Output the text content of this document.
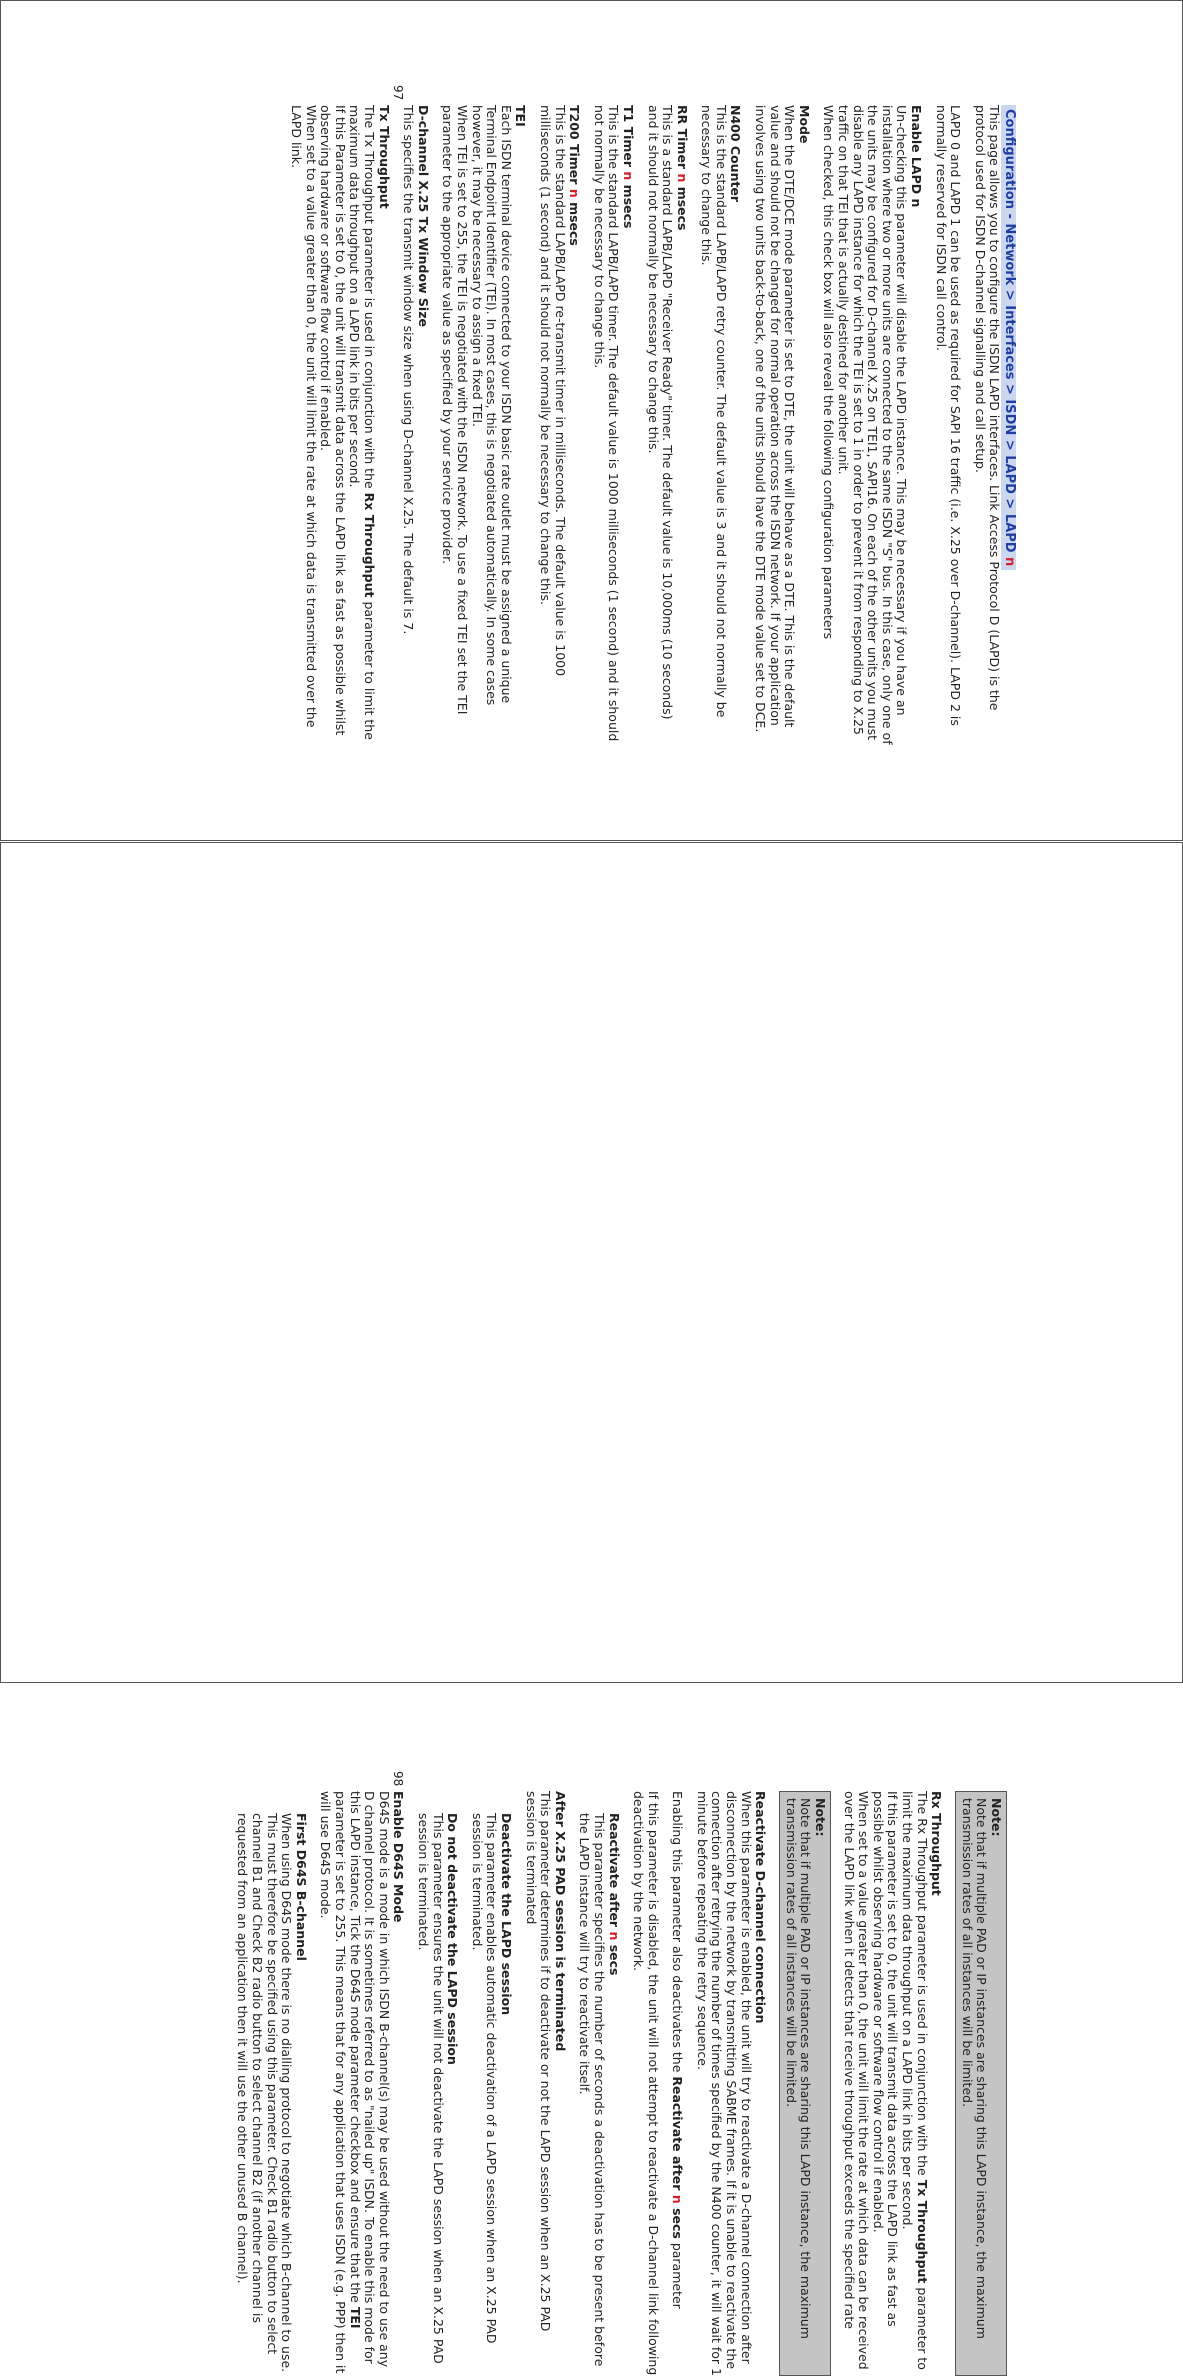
Configuration - Network > Interfaces > ISDN > LAPD > LAPD n
This page allows you to configure the ISDN LAPD interfaces. Link Access Protocol D (LAPD) is the protocol used for ISDN D-channel signalling and call setup.

LAPD 0 and LAPD 1 can be used as required for SAPI 16 traffic (i.e. X.25 over D-channel). LAPD 2 is normally reserved for ISDN call control.

Enable LAPD n
Un-checking this parameter will disable the LAPD instance. This may be necessary if you have an installation where two or more units are connected to the same ISDN "S" bus. In this case, only one of the units may be configured for D-channel X.25 on TEI1, SAPI16. On each of the other units you must disable any LAPD instance for which the TEI is set to 1 in order to prevent it from responding to X.25 traffic on that TEI that is actually destined for another unit.
When checked, this check box will also reveal the following configuration parameters

Mode
When the DTE/DCE mode parameter is set to DTE, the unit will behave as a DTE. This is the default value and should not be changed for normal operation across the ISDN network. If your application involves using two units back-to-back, one of the units should have the DTE mode value set to DCE.

N400 Counter
This is the standard LAPB/LAPD retry counter. The default value is 3 and it should not normally be necessary to change this.

RR Timer n msecs
This is a standard LAPB/LAPD "Receiver Ready" timer. The default value is 10,000ms (10 seconds) and it should not normally be necessary to change this.

T1 Timer n msecs
This is the standard LAPB/LAPD timer. The default value is 1000 milliseconds (1 second) and it should not normally be necessary to change this.

T200 Timer n msecs
This is the standard LAPB/LAPD re-transmit timer in milliseconds. The default value is 1000 milliseconds (1 second) and it should not normally be necessary to change this.

TEI
Each ISDN terminal device connected to your ISDN basic rate outlet must be assigned a unique Terminal Endpoint Identifier (TEI). In most cases, this is negotiated automatically. In some cases however, it may be necessary to assign a fixed TEI.
When TEI is set to 255, the TEI is negotiated with the ISDN network. To use a fixed TEI set the TEI parameter to the appropriate value as specified by your service provider.

D-channel X.25 Tx Window Size
This specifies the transmit window size when using D-channel X.25. The default is 7.

Tx Throughput
The Tx Throughput parameter is used in conjunction with the Rx Throughput parameter to limit the maximum data throughput on a LAPD link in bits per second.
If this Parameter is set to 0, the unit will transmit data across the LAPD link as fast as possible whilst observing hardware or software flow control if enabled.
When set to a value greater than 0, the unit will limit the rate at which data is transmitted over the LAPD link.

97
Note:
Note that if multiple PAD or IP instances are sharing this LAPD instance, the maximum transmission rates of all instances will be limited.

Rx Throughput
The Rx Throughput parameter is used in conjunction with the Tx Throughput parameter to limit the maximum data throughput on a LAPD link in bits per second.
If this parameter is set to 0, the unit will transmit data across the LAPD link as fast as possible whilst observing hardware or software flow control if enabled.
When set to a value greater than 0, the unit will limit the rate at which data can be received over the LAPD link when it detects that receive throughput exceeds the specified rate

Note:
Note that if multiple PAD or IP instances are sharing this LAPD instance, the maximum transmission rates of all instances will be limited.

Reactivate D-channel connection
When this parameter is enabled, the unit will try to reactivate a D-channel connection after disconnection by the network by transmitting SABME frames. If it is unable to reactivate the connection after retrying the number of times specified by the N400 counter, it will wait for 1 minute before repeating the retry sequence.

Enabling this parameter also deactivates the Reactivate after n secs parameter

If this parameter is disabled, the unit will not attempt to reactivate a D-channel link following deactivation by the network.

Reactivate after n secs
This parameter specifies the number of seconds a deactivation has to be present before the LAPD instance will try to reactivate itself.

After X.25 PAD session is terminated
This parameter determines if to deactivate or not the LAPD session when an X.25 PAD session is terminated

Deactivate the LAPD session
This parameter enables automatic deactivation of a LAPD session when an X.25 PAD session is terminated.

Do not deactivate the LAPD session
This parameter ensures the unit will not deactivate the LAPD session when an X.25 PAD session is terminated.

Enable D64S Mode
D64S mode is a mode in which ISDN B-channel(s) may be used without the need to use any D channel protocol. It is sometimes referred to as "nailed up" ISDN. To enable this mode for this LAPD instance, Tick the D64S mode parameter checkbox and ensure that the TEI parameter is set to 255. This means that for any application that uses ISDN (e.g. PPP) then it will use D64S mode.

First D64S B-channel
When using D64S mode there is no dialling protocol to negotiate which B-channel to use. This must therefore be specified using this parameter. Check B1 radio button to select channel B1 and Check B2 radio button to select channel B2 (if another channel is requested from an application then it will use the other unused B channel).

98
